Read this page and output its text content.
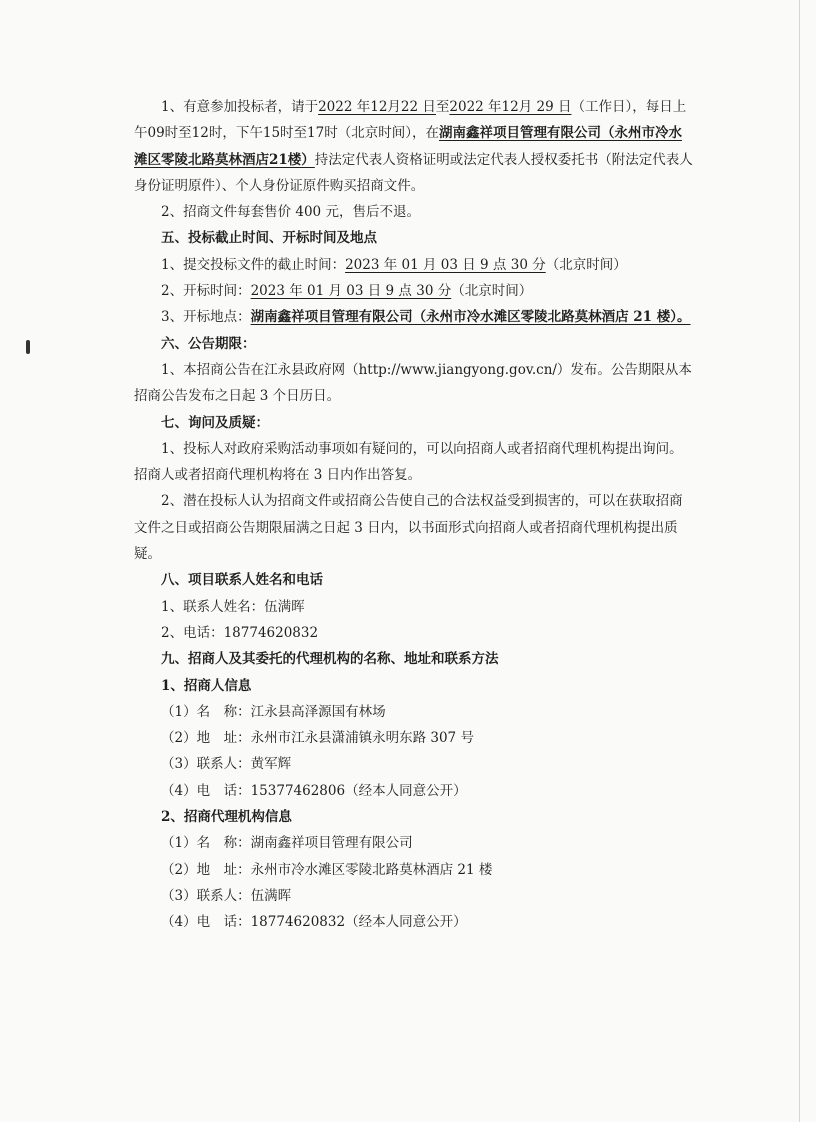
1、有意参加投标者，请于2022 年12月22 日至2022 年12月 29 日（工作日），每日上午09时至12时，下午15时至17时（北京时间），在湖南鑫祥项目管理有限公司（永州市冷水滩区零陵北路莫林酒店21楼）持法定代表人资格证明或法定代表人授权委托书（附法定代表人身份证明原件）、个人身份证原件购买招商文件。

2、招商文件每套售价 400 元，售后不退。

五、投标截止时间、开标时间及地点

1、提交投标文件的截止时间：2023 年 01 月 03 日 9 点 30 分（北京时间）

2、开标时间：2023 年 01 月 03 日 9 点 30 分（北京时间）

3、开标地点：湖南鑫祥项目管理有限公司（永州市冷水滩区零陵北路莫林酒店 21 楼）。

六、公告期限：

1、本招商公告在江永县政府网（http://www.jiangyong.gov.cn/）发布。公告期限从本招商公告发布之日起 3 个日历日。

七、询问及质疑：

1、投标人对政府采购活动事项如有疑问的，可以向招商人或者招商代理机构提出询问。招商人或者招商代理机构将在 3 日内作出答复。

2、潜在投标人认为招商文件或招商公告使自己的合法权益受到损害的，可以在获取招商文件之日或招商公告期限届满之日起 3 日内，以书面形式向招商人或者招商代理机构提出质疑。

八、项目联系人姓名和电话

1、联系人姓名：伍满晖

2、电话：18774620832

九、招商人及其委托的代理机构的名称、地址和联系方法

1、招商人信息

（1）名　称：江永县高泽源国有林场

（2）地　址：永州市江永县潇浦镇永明东路 307 号

（3）联系人：黄军辉

（4）电　话：15377462806（经本人同意公开）

2、招商代理机构信息

（1）名　称：湖南鑫祥项目管理有限公司

（2）地　址：永州市冷水滩区零陵北路莫林酒店 21 楼

（3）联系人：伍满晖

（4）电　话：18774620832（经本人同意公开）
